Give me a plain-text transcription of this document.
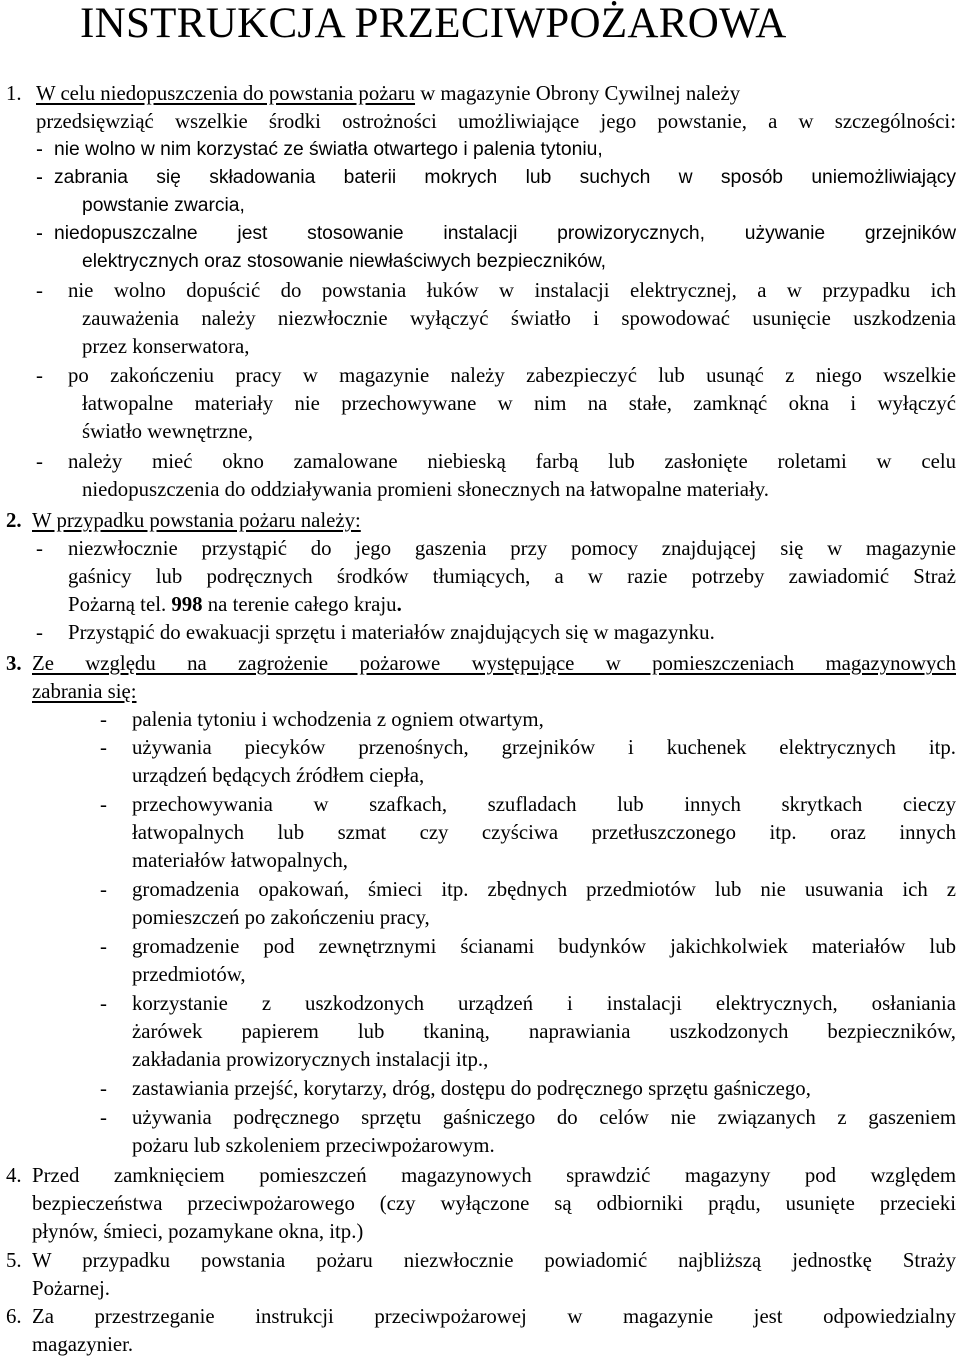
INSTRUKCJA PRZECIWPOŻAROWA
1. W celu niedopuszczenia do powstania pożaru w magazynie Obrony Cywilnej należy
przedsięwziąć wszelkie środki ostrożności umożliwiające jego powstanie, a w szczególności:
- nie wolno w nim korzystać ze światła otwartego i palenia tytoniu,
- zabrania się składowania baterii mokrych lub suchych w sposób uniemożliwiający
powstanie zwarcia,
- niedopuszczalne jest stosowanie instalacji prowizorycznych, używanie grzejników
elektrycznych oraz stosowanie niewłaściwych bezpieczników,
-	nie wolno dopuścić do powstania łuków w instalacji elektrycznej, a w przypadku ich
zauważenia należy niezwłocznie wyłączyć światło i spowodować usunięcie uszkodzenia
przez konserwatora,
-	po zakończeniu pracy w magazynie należy zabezpieczyć lub usunąć z niego wszelkie
łatwopalne materiały nie przechowywane w nim na stałe, zamknąć okna i wyłączyć
światło wewnętrzne,
-	należy mieć okno zamalowane niebieską farbą lub zasłonięte roletami w celu
niedopuszczenia do oddziaływania promieni słonecznych na łatwopalne materiały.
2. W przypadku powstania pożaru należy:
-	niezwłocznie przystąpić do jego gaszenia przy pomocy znajdującej się w magazynie
gaśnicy lub podręcznych środków tłumiących, a w razie potrzeby zawiadomić Straż
Pożarną tel. 998 na terenie całego kraju.
- Przystąpić do ewakuacji sprzętu i materiałów znajdujących się w magazynku.
3. Ze względu na zagrożenie pożarowe występujące w pomieszczeniach magazynowych
zabrania się:
- palenia tytoniu i wchodzenia z ogniem otwartym,
- używania piecyków przenośnych, grzejników i kuchenek elektrycznych itp.
urządzeń będących źródłem ciepła,
- przechowywania w szafkach, szufladach lub innych skrytkach cieczy
łatwopalnych lub szmat czy czyściwa przetłuszczonego itp. oraz innych
materiałów łatwopalnych,
- gromadzenia opakowań, śmieci itp. zbędnych przedmiotów lub nie usuwania ich z
pomieszczeń po zakończeniu pracy,
- gromadzenie pod zewnętrznymi ścianami budynków jakichkolwiek materiałów lub
przedmiotów,
- korzystanie z uszkodzonych urządzeń i instalacji elektrycznych, osłaniania
żarówek papierem lub tkaniną, naprawiania uszkodzonych bezpieczników,
zakładania prowizorycznych instalacji itp.,
- zastawiania przejść, korytarzy, dróg, dostępu do podręcznego sprzętu gaśniczego,
- używania podręcznego sprzętu gaśniczego do celów nie związanych z gaszeniem
pożaru lub szkoleniem przeciwpożarowym.
4. Przed zamknięciem pomieszczeń magazynowych sprawdzić magazyny pod względem
bezpieczeństwa przeciwpożarowego (czy wyłączone są odbiorniki prądu, usunięte przecieki
płynów, śmieci, pozamykane okna, itp.)
5. W przypadku powstania pożaru niezwłocznie powiadomić najbliższą jednostkę Straży
Pożarnej.
6. Za przestrzeganie instrukcji przeciwpożarowej w magazynie jest odpowiedzialny
magazynier.
